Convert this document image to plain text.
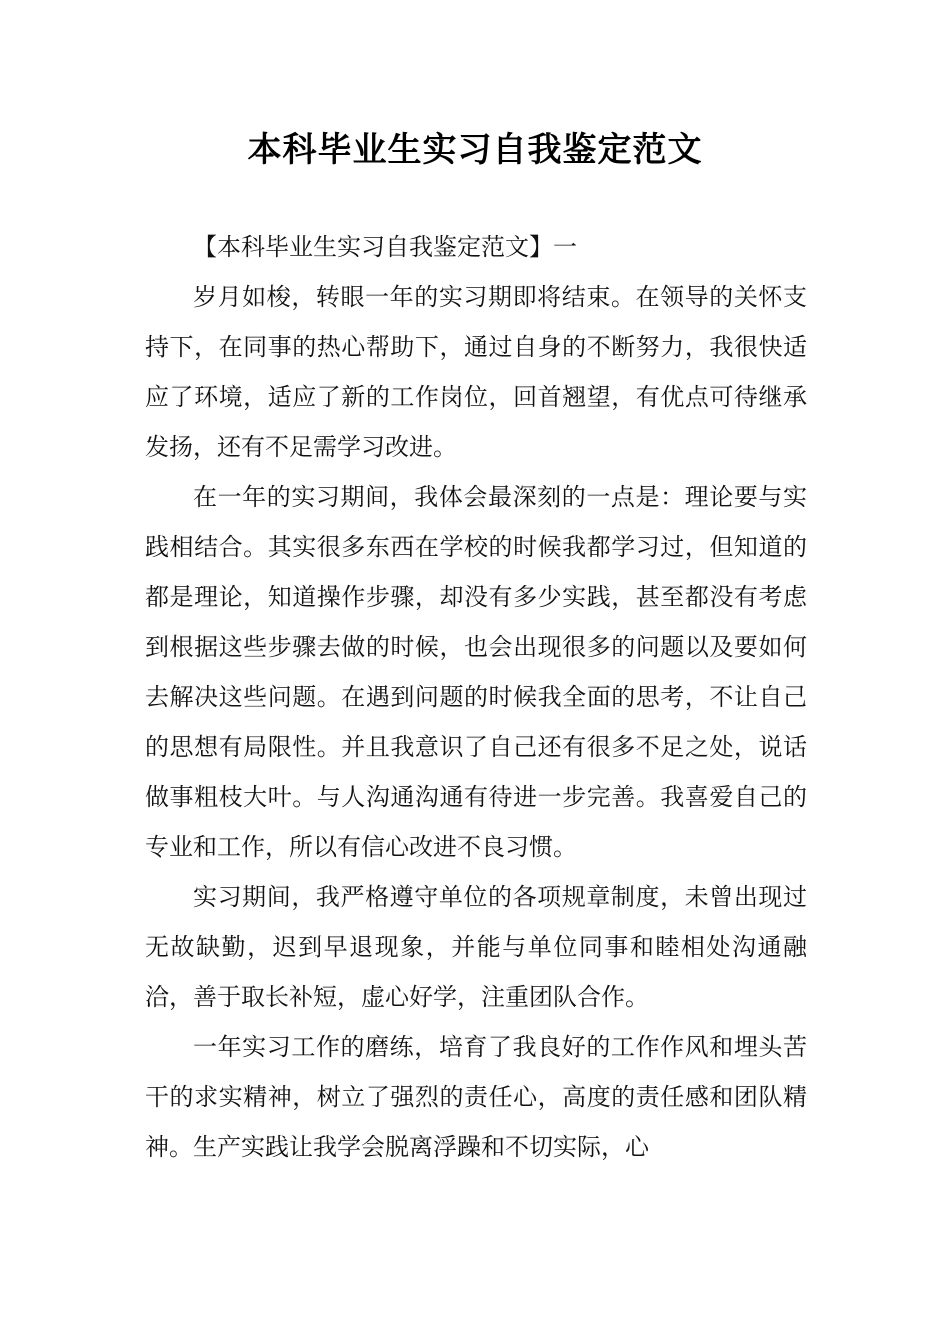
本科毕业生实习自我鉴定范文

【本科毕业生实习自我鉴定范文】一

岁月如梭，转眼一年的实习期即将结束。在领导的关怀支持下，在同事的热心帮助下，通过自身的不断努力，我很快适应了环境，适应了新的工作岗位，回首翘望，有优点可待继承发扬，还有不足需学习改进。

在一年的实习期间，我体会最深刻的一点是：理论要与实践相结合。其实很多东西在学校的时候我都学习过，但知道的都是理论，知道操作步骤，却没有多少实践，甚至都没有考虑到根据这些步骤去做的时候，也会出现很多的问题以及要如何去解决这些问题。在遇到问题的时候我全面的思考，不让自己的思想有局限性。并且我意识了自己还有很多不足之处，说话做事粗枝大叶。与人沟通沟通有待进一步完善。我喜爱自己的专业和工作，所以有信心改进不良习惯。

实习期间，我严格遵守单位的各项规章制度，未曾出现过无故缺勤，迟到早退现象，并能与单位同事和睦相处沟通融洽，善于取长补短，虚心好学，注重团队合作。

一年实习工作的磨练，培育了我良好的工作作风和埋头苦干的求实精神，树立了强烈的责任心，高度的责任感和团队精神。生产实践让我学会脱离浮躁和不切实际，心
